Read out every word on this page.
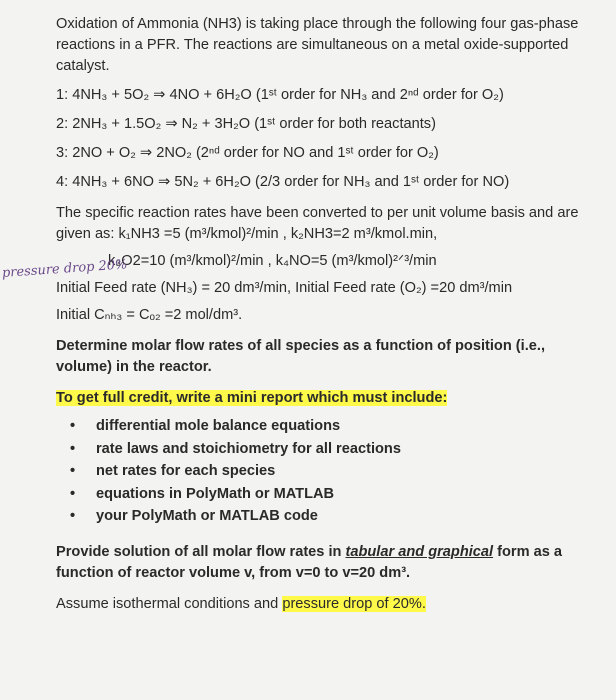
Oxidation of Ammonia (NH3) is taking place through the following four gas-phase reactions in a PFR. The reactions are simultaneous on a metal oxide-supported catalyst.

1: 4NH₃ + 5O₂ ⇒ 4NO + 6H₂O (1ˢᵗ order for NH₃ and 2ⁿᵈ order for O₂)

2: 2NH₃ + 1.5O₂ ⇒ N₂ + 3H₂O (1ˢᵗ order for both reactants)

3: 2NO + O₂ ⇒ 2NO₂ (2ⁿᵈ order for NO and 1ˢᵗ order for O₂)

4: 4NH₃ + 6NO ⇒ 5N₂ + 6H₂O (2/3 order for NH₃ and 1ˢᵗ order for NO)

The specific reaction rates have been converted to per unit volume basis and are given as: k₁NH3 =5 (m³/kmol)²/min , k₂NH3=2 m³/kmol.min,

k₃O2=10 (m³/kmol)²/min , k₄NO=5 (m³/kmol)²ᐟ³/min

Initial Feed rate (NH₃) = 20 dm³/min, Initial Feed rate (O₂) =20 dm³/min

Initial Cₙₕ₃ = Cₒ₂ =2 mol/dm³.

Determine molar flow rates of all species as a function of position (i.e., volume) in the reactor.

To get full credit, write a mini report which must include:

• differential mole balance equations
• rate laws and stoichiometry for all reactions
• net rates for each species
• equations in PolyMath or MATLAB
• your PolyMath or MATLAB code

Provide solution of all molar flow rates in tabular and graphical form as a function of reactor volume v, from v=0 to v=20 dm³.

Assume isothermal conditions and pressure drop of 20%.

pressure drop 20%
